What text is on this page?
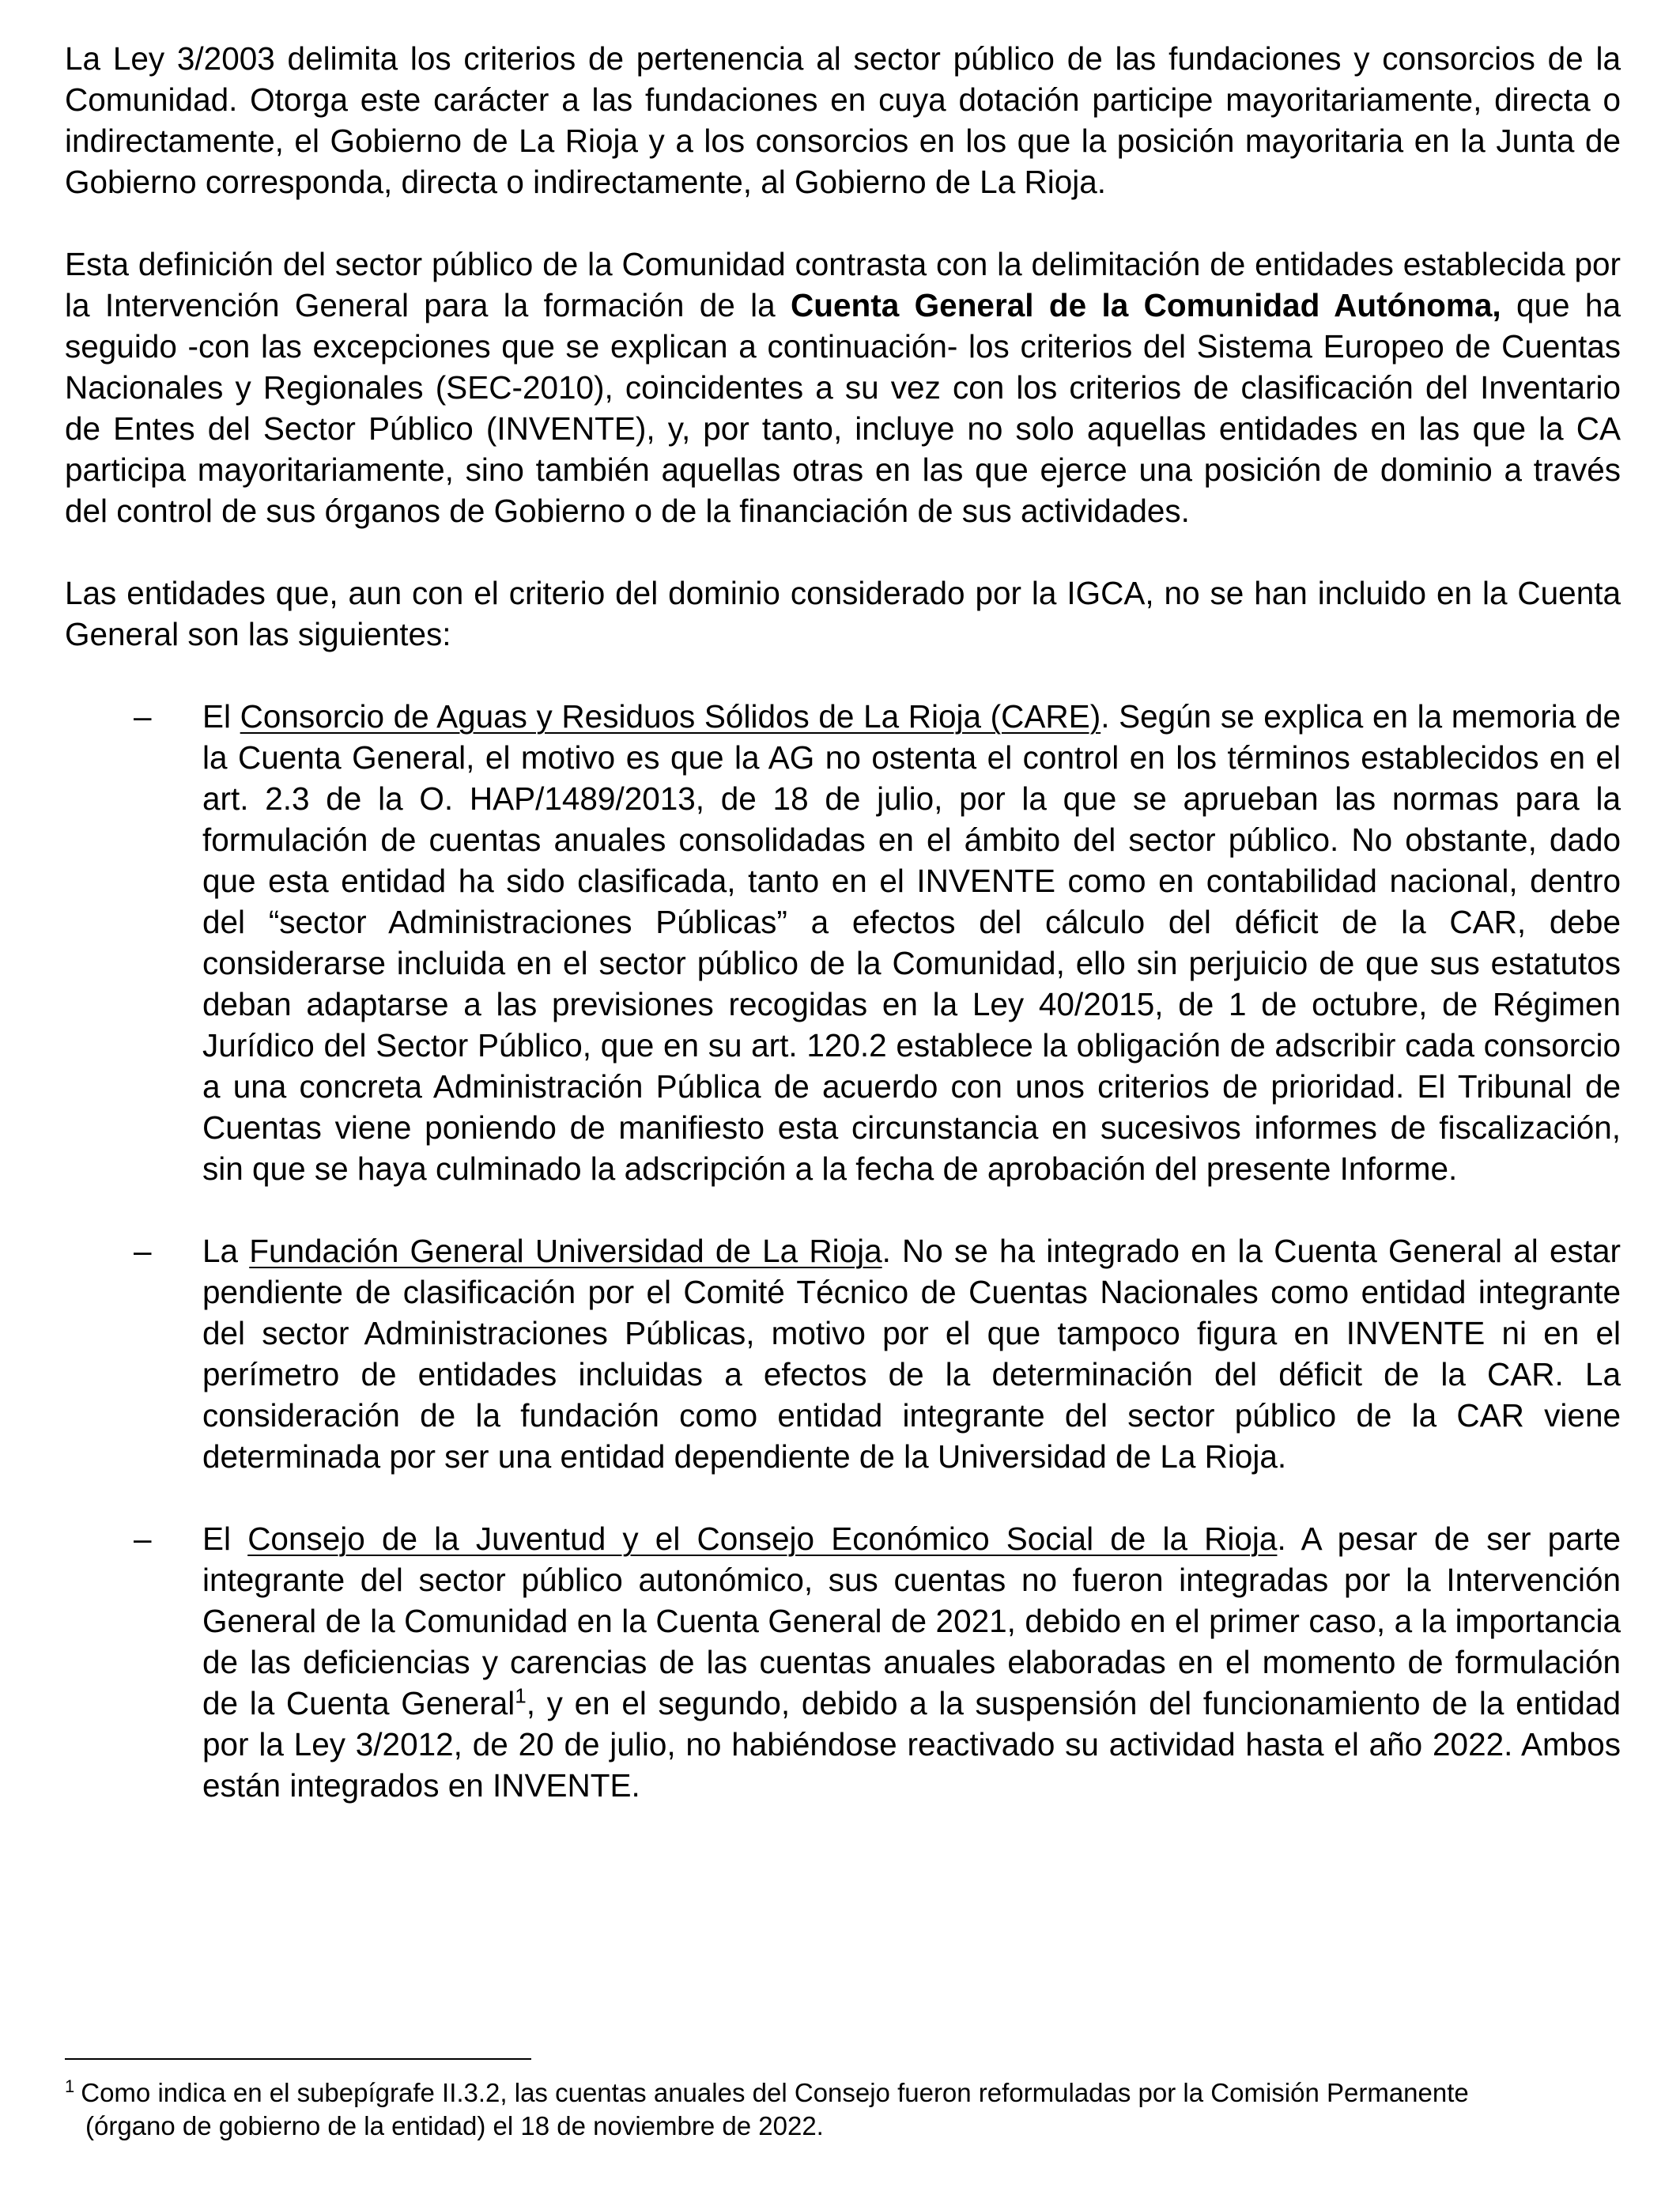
La Ley 3/2003 delimita los criterios de pertenencia al sector público de las fundaciones y consorcios de la Comunidad. Otorga este carácter a las fundaciones en cuya dotación participe mayoritariamente, directa o indirectamente, el Gobierno de La Rioja y a los consorcios en los que la posición mayoritaria en la Junta de Gobierno corresponda, directa o indirectamente, al Gobierno de La Rioja.

Esta definición del sector público de la Comunidad contrasta con la delimitación de entidades establecida por la Intervención General para la formación de la Cuenta General de la Comunidad Autónoma, que ha seguido -con las excepciones que se explican a continuación- los criterios del Sistema Europeo de Cuentas Nacionales y Regionales (SEC-2010), coincidentes a su vez con los criterios de clasificación del Inventario de Entes del Sector Público (INVENTE), y, por tanto, incluye no solo aquellas entidades en las que la CA participa mayoritariamente, sino también aquellas otras en las que ejerce una posición de dominio a través del control de sus órganos de Gobierno o de la financiación de sus actividades.

Las entidades que, aun con el criterio del dominio considerado por la IGCA, no se han incluido en la Cuenta General son las siguientes:

– El Consorcio de Aguas y Residuos Sólidos de La Rioja (CARE). Según se explica en la memoria de la Cuenta General, el motivo es que la AG no ostenta el control en los términos establecidos en el art. 2.3 de la O. HAP/1489/2013, de 18 de julio, por la que se aprueban las normas para la formulación de cuentas anuales consolidadas en el ámbito del sector público. No obstante, dado que esta entidad ha sido clasificada, tanto en el INVENTE como en contabilidad nacional, dentro del “sector Administraciones Públicas” a efectos del cálculo del déficit de la CAR, debe considerarse incluida en el sector público de la Comunidad, ello sin perjuicio de que sus estatutos deban adaptarse a las previsiones recogidas en la Ley 40/2015, de 1 de octubre, de Régimen Jurídico del Sector Público, que en su art. 120.2 establece la obligación de adscribir cada consorcio a una concreta Administración Pública de acuerdo con unos criterios de prioridad. El Tribunal de Cuentas viene poniendo de manifiesto esta circunstancia en sucesivos informes de fiscalización, sin que se haya culminado la adscripción a la fecha de aprobación del presente Informe.

– La Fundación General Universidad de La Rioja. No se ha integrado en la Cuenta General al estar pendiente de clasificación por el Comité Técnico de Cuentas Nacionales como entidad integrante del sector Administraciones Públicas, motivo por el que tampoco figura en INVENTE ni en el perímetro de entidades incluidas a efectos de la determinación del déficit de la CAR. La consideración de la fundación como entidad integrante del sector público de la CAR viene determinada por ser una entidad dependiente de la Universidad de La Rioja.

– El Consejo de la Juventud y el Consejo Económico Social de la Rioja. A pesar de ser parte integrante del sector público autonómico, sus cuentas no fueron integradas por la Intervención General de la Comunidad en la Cuenta General de 2021, debido en el primer caso, a la importancia de las deficiencias y carencias de las cuentas anuales elaboradas en el momento de formulación de la Cuenta General$^1$, y en el segundo, debido a la suspensión del funcionamiento de la entidad por la Ley 3/2012, de 20 de julio, no habiéndose reactivado su actividad hasta el año 2022. Ambos están integrados en INVENTE.

$^1$ Como indica en el subepígrafe II.3.2, las cuentas anuales del Consejo fueron reformuladas por la Comisión Permanente
(órgano de gobierno de la entidad) el 18 de noviembre de 2022.
